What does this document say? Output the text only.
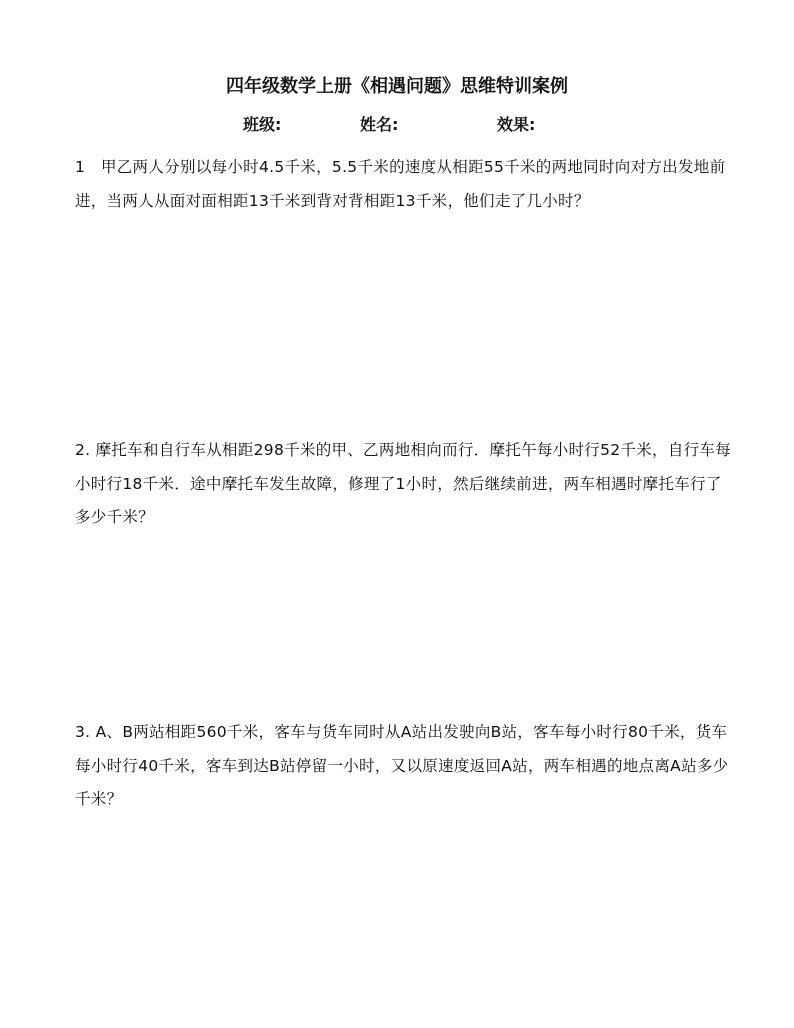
四年级数学上册《相遇问题》思维特训案例
班级:	姓名:	效果:
1　甲乙两人分别以每小时4.5千米，5.5千米的速度从相距55千米的两地同时向对方出发地前进，当两人从面对面相距13千米到背对背相距13千米，他们走了几小时？
2. 摩托车和自行车从相距298千米的甲、乙两地相向而行．摩托午每小时行52千米，自行车每小时行18千米．途中摩托车发生故障，修理了1小时，然后继续前进，两车相遇时摩托车行了多少千米？
3. A、B两站相距560千米，客车与货车同时从A站出发驶向B站，客车每小时行80千米，货车每小时行40千米，客车到达B站停留一小时，又以原速度返回A站，两车相遇的地点离A站多少千米？
